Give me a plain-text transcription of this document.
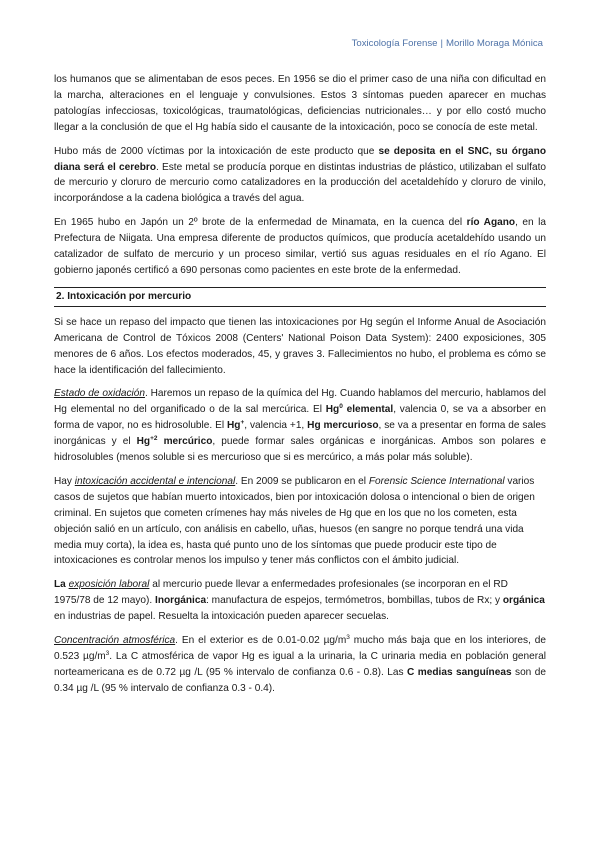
Toxicología Forense | Morillo Moraga Mónica

los humanos que se alimentaban de esos peces. En 1956 se dio el primer caso de una niña con dificultad en la marcha, alteraciones en el lenguaje y convulsiones. Estos 3 síntomas pueden aparecer en muchas patologías infecciosas, toxicológicas, traumatológicas, deficiencias nutricionales… y por ello costó mucho llegar a la conclusión de que el Hg había sido el causante de la intoxicación, poco se conocía de este metal.

Hubo más de 2000 víctimas por la intoxicación de este producto que se deposita en el SNC, su órgano diana será el cerebro. Este metal se producía porque en distintas industrias de plástico, utilizaban el sulfato de mercurio y cloruro de mercurio como catalizadores en la producción del acetaldehído y cloruro de vinilo, incorporándose a la cadena biológica a través del agua.

En 1965 hubo en Japón un 2º brote de la enfermedad de Minamata, en la cuenca del río Agano, en la Prefectura de Niigata. Una empresa diferente de productos químicos, que producía acetaldehído usando un catalizador de sulfato de mercurio y un proceso similar, vertió sus aguas residuales en el río Agano. El gobierno japonés certificó a 690 personas como pacientes en este brote de la enfermedad.

2. Intoxicación por mercurio

Si se hace un repaso del impacto que tienen las intoxicaciones por Hg según el Informe Anual de Asociación Americana de Control de Tóxicos 2008 (Centers' National Poison Data System): 2400 exposiciones, 305 menores de 6 años. Los efectos moderados, 45, y graves 3. Fallecimientos no hubo, el problema es cómo se hace la identificación del fallecimiento.

Estado de oxidación. Haremos un repaso de la química del Hg. Cuando hablamos del mercurio, hablamos del Hg elemental no del organificado o de la sal mercúrica. El Hg$^0$ elemental, valencia 0, se va a absorber en forma de vapor, no es hidrosoluble. El Hg+, valencia +1, Hg mercurioso, se va a presentar en forma de sales inorgánicas y el $Hg^{+2}$ mercúrico, puede formar sales orgánicas e inorgánicas. Ambos son polares e hidrosolubles (menos soluble si es mercurioso que si es mercúrico, a más polar más soluble).

Hay intoxicación accidental e intencional. En 2009 se publicaron en el Forensic Science International varios casos de sujetos que habían muerto intoxicados, bien por intoxicación dolosa o intencional o bien de origen criminal. En sujetos que cometen crímenes hay más niveles de Hg que en los que no los cometen, esta objeción salió en un artículo, con análisis en cabello, uñas, huesos (en sangre no porque tendrá una vida media muy corta), la idea es, hasta qué punto uno de los síntomas que puede producir este tipo de intoxicaciones es controlar menos los impulso y tener más conflictos con el ámbito judicial.

La exposición laboral al mercurio puede llevar a enfermedades profesionales (se incorporan en el RD 1975/78 de 12 mayo). Inorgánica: manufactura de espejos, termómetros, bombillas, tubos de Rx; y orgánica en industrias de papel. Resuelta la intoxicación pueden aparecer secuelas.

Concentración atmosférica. En el exterior es de 0.01-0.02 $\mu g/m^3$ mucho más baja que en los interiores, de 0.523 $\mu g/m^3$. La C atmosférica de vapor Hg es igual a la urinaria, la C urinaria media en población general norteamericana es de 0.72 µg /L (95 % intervalo de confianza 0.6 - 0.8). Las C medias sanguíneas son de 0.34 µg /L (95 % intervalo de confianza 0.3 - 0.4).
